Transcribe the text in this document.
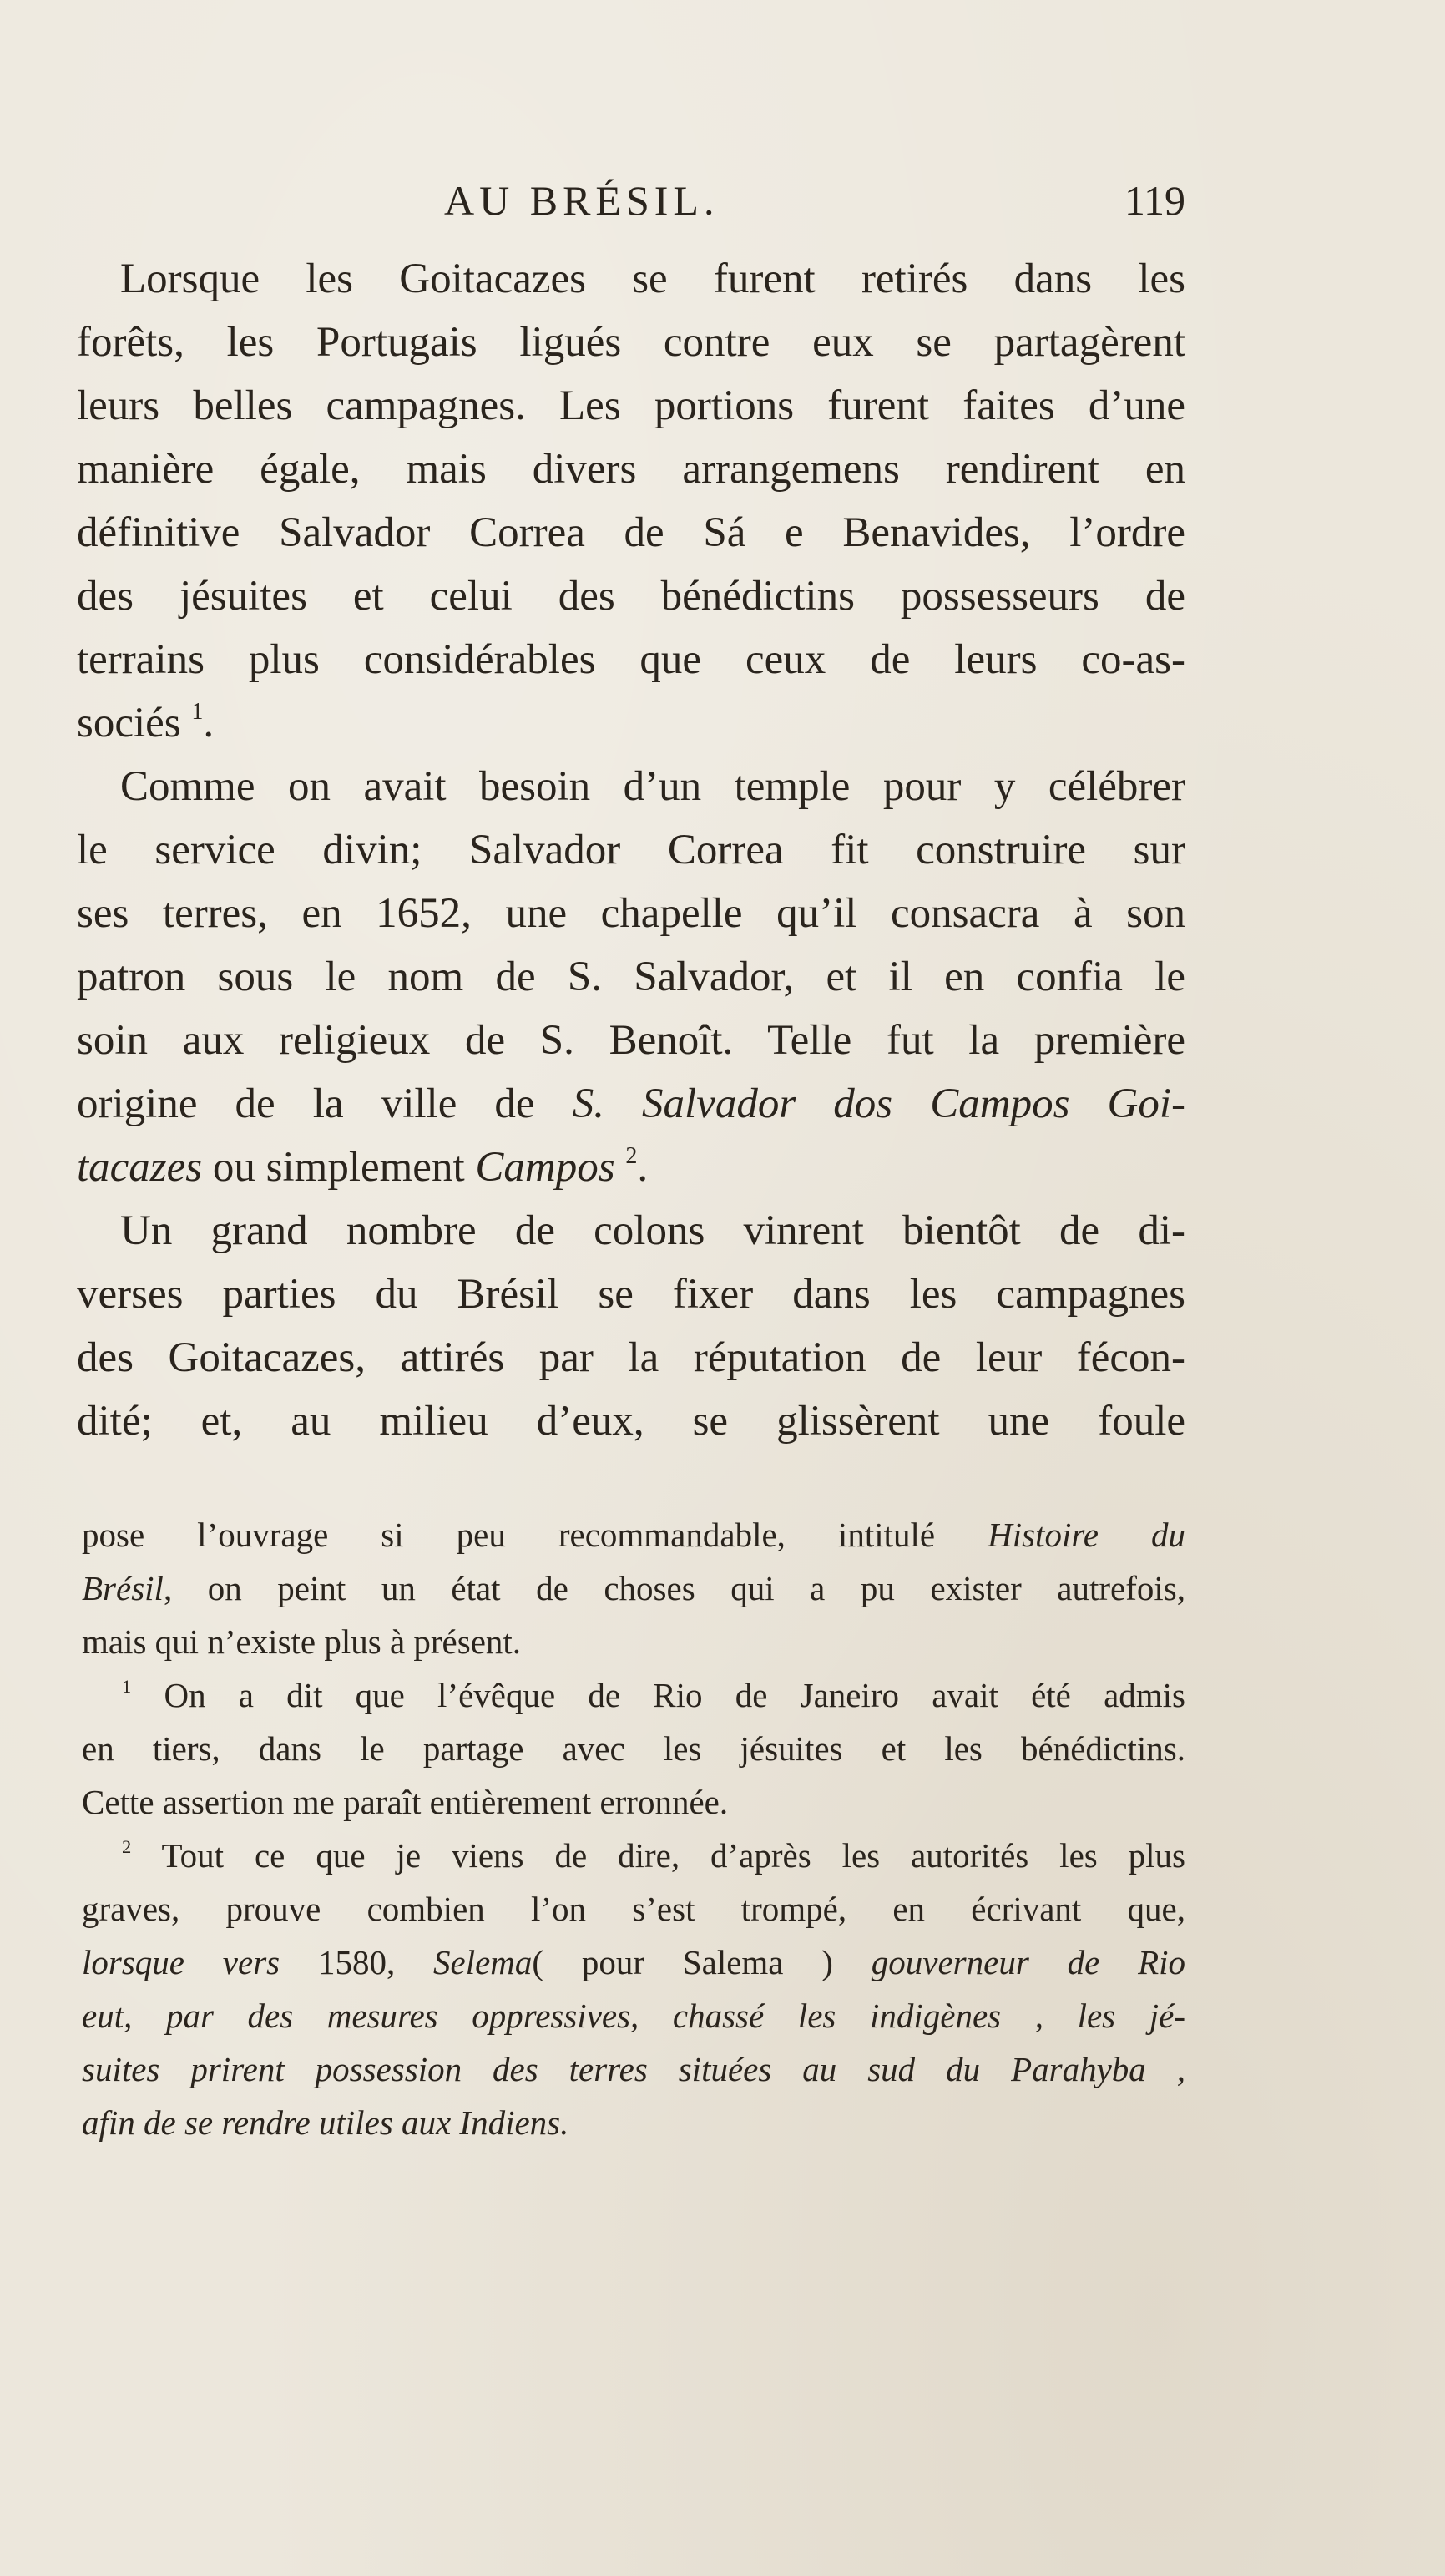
AU BRÉSIL.	119
Lorsque les Goitacazes se furent retirés dans les
forêts, les Portugais ligués contre eux se partagèrent
leurs belles campagnes. Les portions furent faites d’une
manière égale, mais divers arrangemens rendirent en
définitive Salvador Correa de Sá e Benavides, l’ordre
des jésuites et celui des bénédictins possesseurs de
terrains plus considérables que ceux de leurs co-as-
sociés $^1$.
Comme on avait besoin d’un temple pour y célébrer
le service divin; Salvador Correa fit construire sur
ses terres, en 1652, une chapelle qu’il consacra à son
patron sous le nom de S. Salvador, et il en confia le
soin aux religieux de S. Benoît. Telle fut la première
origine de la ville de S. Salvador dos Campos Goi-
tacazes ou simplement Campos $^2$.
Un grand nombre de colons vinrent bientôt de di-
verses parties du Brésil se fixer dans les campagnes
des Goitacazes, attirés par la réputation de leur fécon-
dité; et, au milieu d’eux, se glissèrent une foule
pose l’ouvrage si peu recommandable, intitulé Histoire du
Brésil, on peint un état de choses qui a pu exister autrefois,
mais qui n’existe plus à présent.
$^1$ On a dit que l’évêque de Rio de Janeiro avait été admis
en tiers, dans le partage avec les jésuites et les bénédictins.
Cette assertion me paraît entièrement erronnée.
$^2$ Tout ce que je viens de dire, d’après les autorités les plus
graves, prouve combien l’on s’est trompé, en écrivant que,
lorsque vers 1580, Selema( pour Salema ) gouverneur de Rio
eut, par des mesures oppressives, chassé les indigènes , les jé-
suites prirent possession des terres situées au sud du Parahyba ,
afin de se rendre utiles aux Indiens.
